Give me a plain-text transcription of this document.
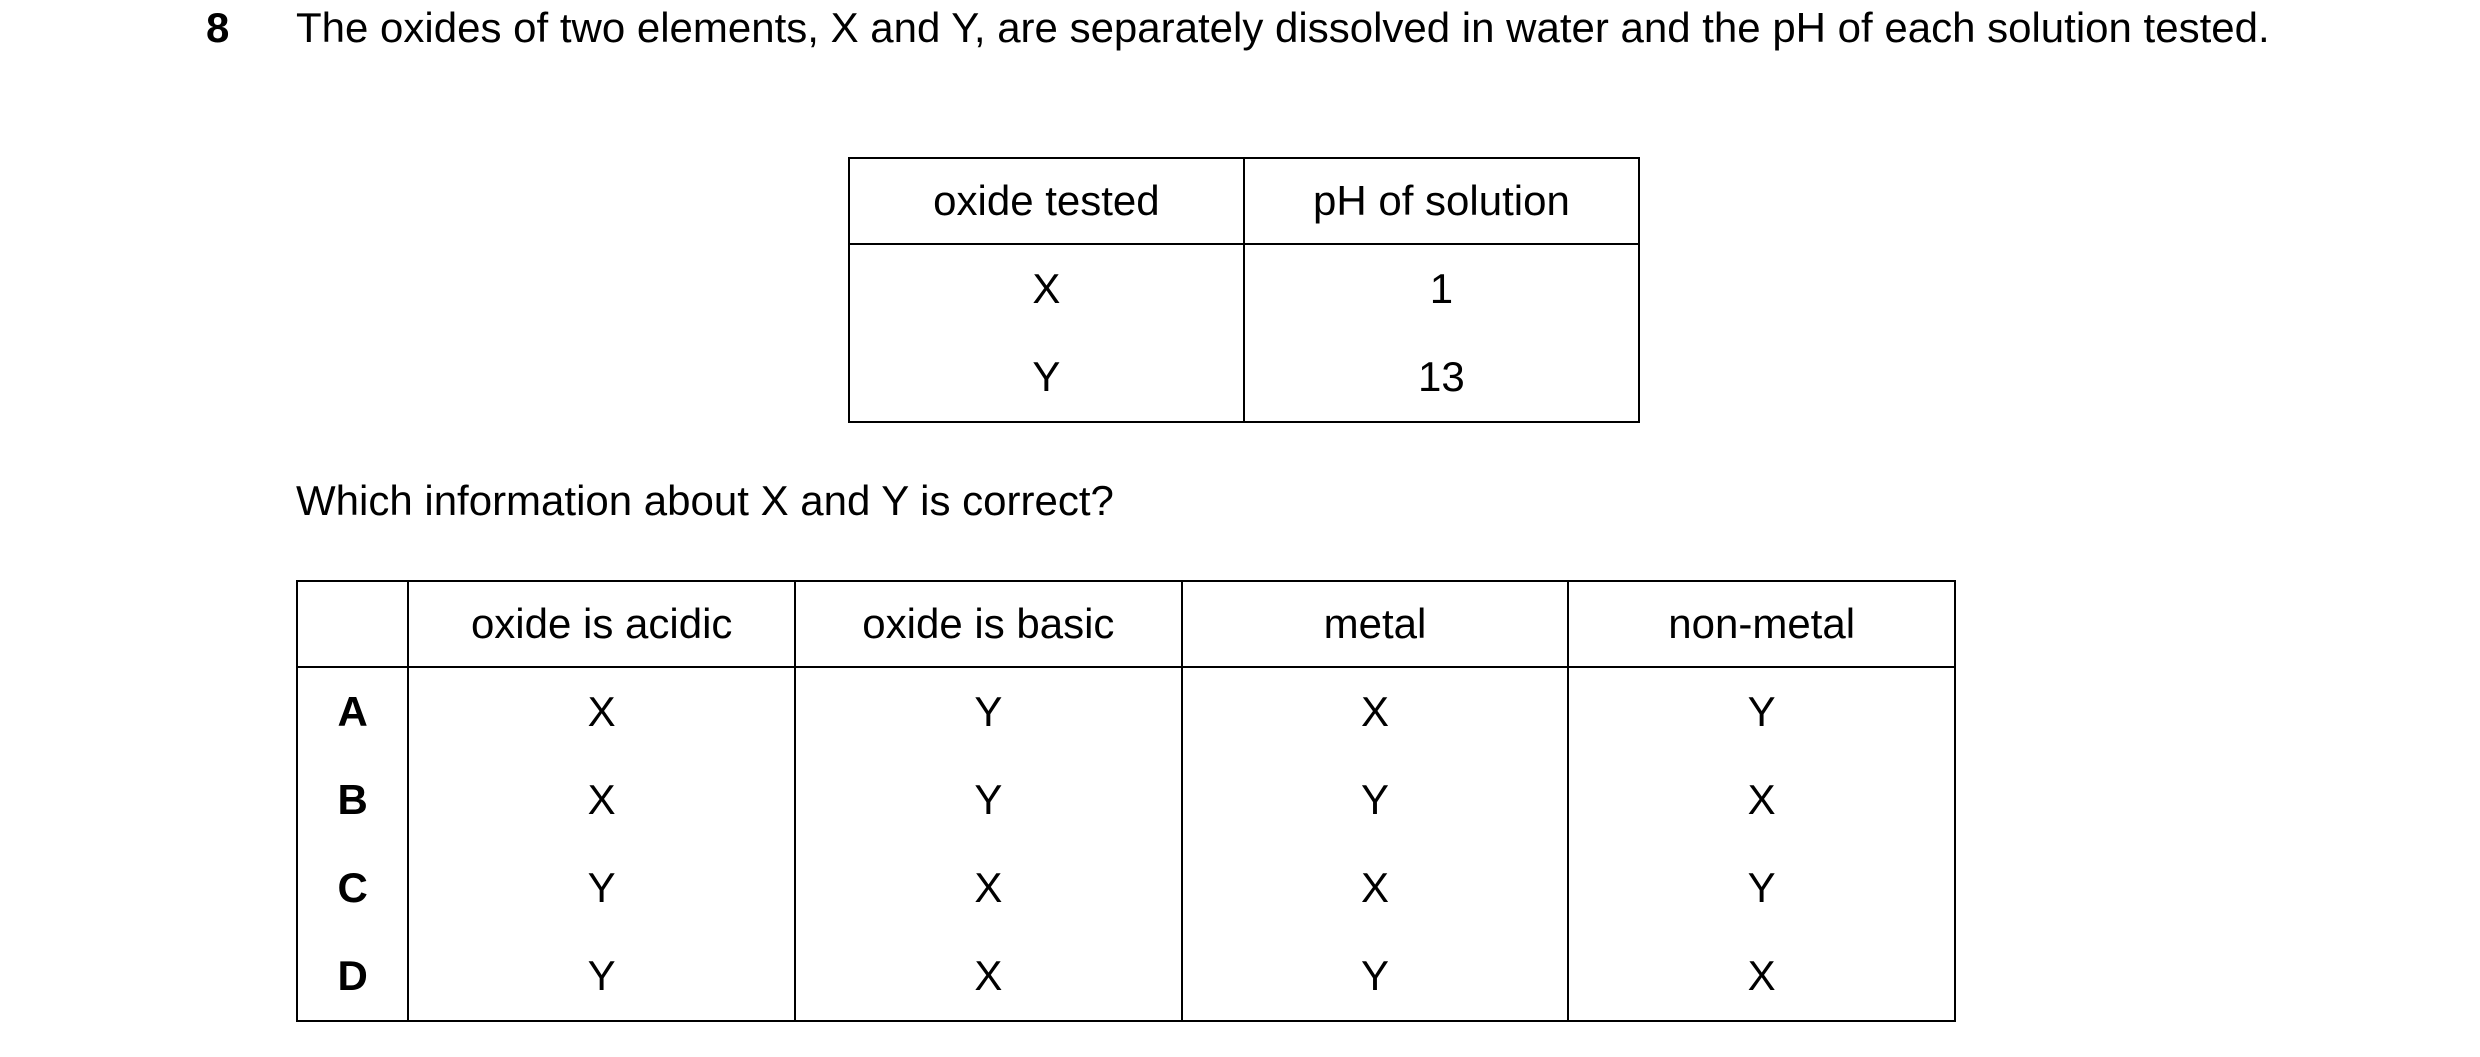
8 The oxides of two elements, X and Y, are separately dissolved in water and the pH of each solution tested.

oxide tested	pH of solution
X	1
Y	13

Which information about X and Y is correct?

	oxide is acidic	oxide is basic	metal	non-metal
A	X	Y	X	Y
B	X	Y	Y	X
C	Y	X	X	Y
D	Y	X	Y	X
